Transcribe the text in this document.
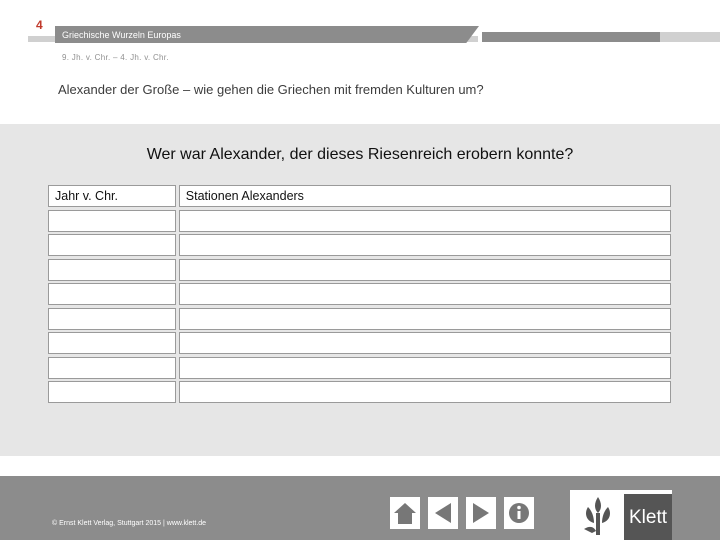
4
Griechische Wurzeln Europas
9. Jh. v. Chr. – 4. Jh. v. Chr.
Alexander der Große – wie gehen die Griechen mit fremden Kulturen um?
Wer war Alexander, der dieses Riesenreich erobern konnte?
Jahr v. Chr.	Stationen Alexanders
© Ernst Klett Verlag, Stuttgart 2015 | www.klett.de	Klett
